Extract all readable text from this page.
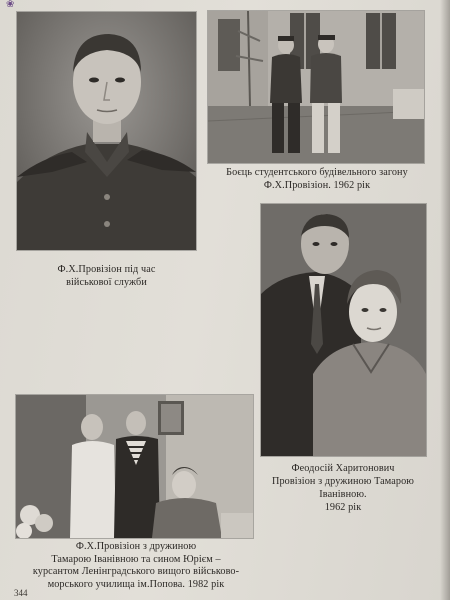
❀
Ф.Х.Провізіон під час
військової служби
Боєць студентського будівельного загону
Ф.Х.Провізіон. 1962 рік
Феодосій Харитонович
Провізіон з дружиною Тамарою
Іванівною.
1962 рік
Ф.Х.Провізіон з дружиною
Тамарою Іванівною та сином Юрієм –
курсантом Ленінградського вищого військово-
морського училища ім.Попова. 1982 рік
344
